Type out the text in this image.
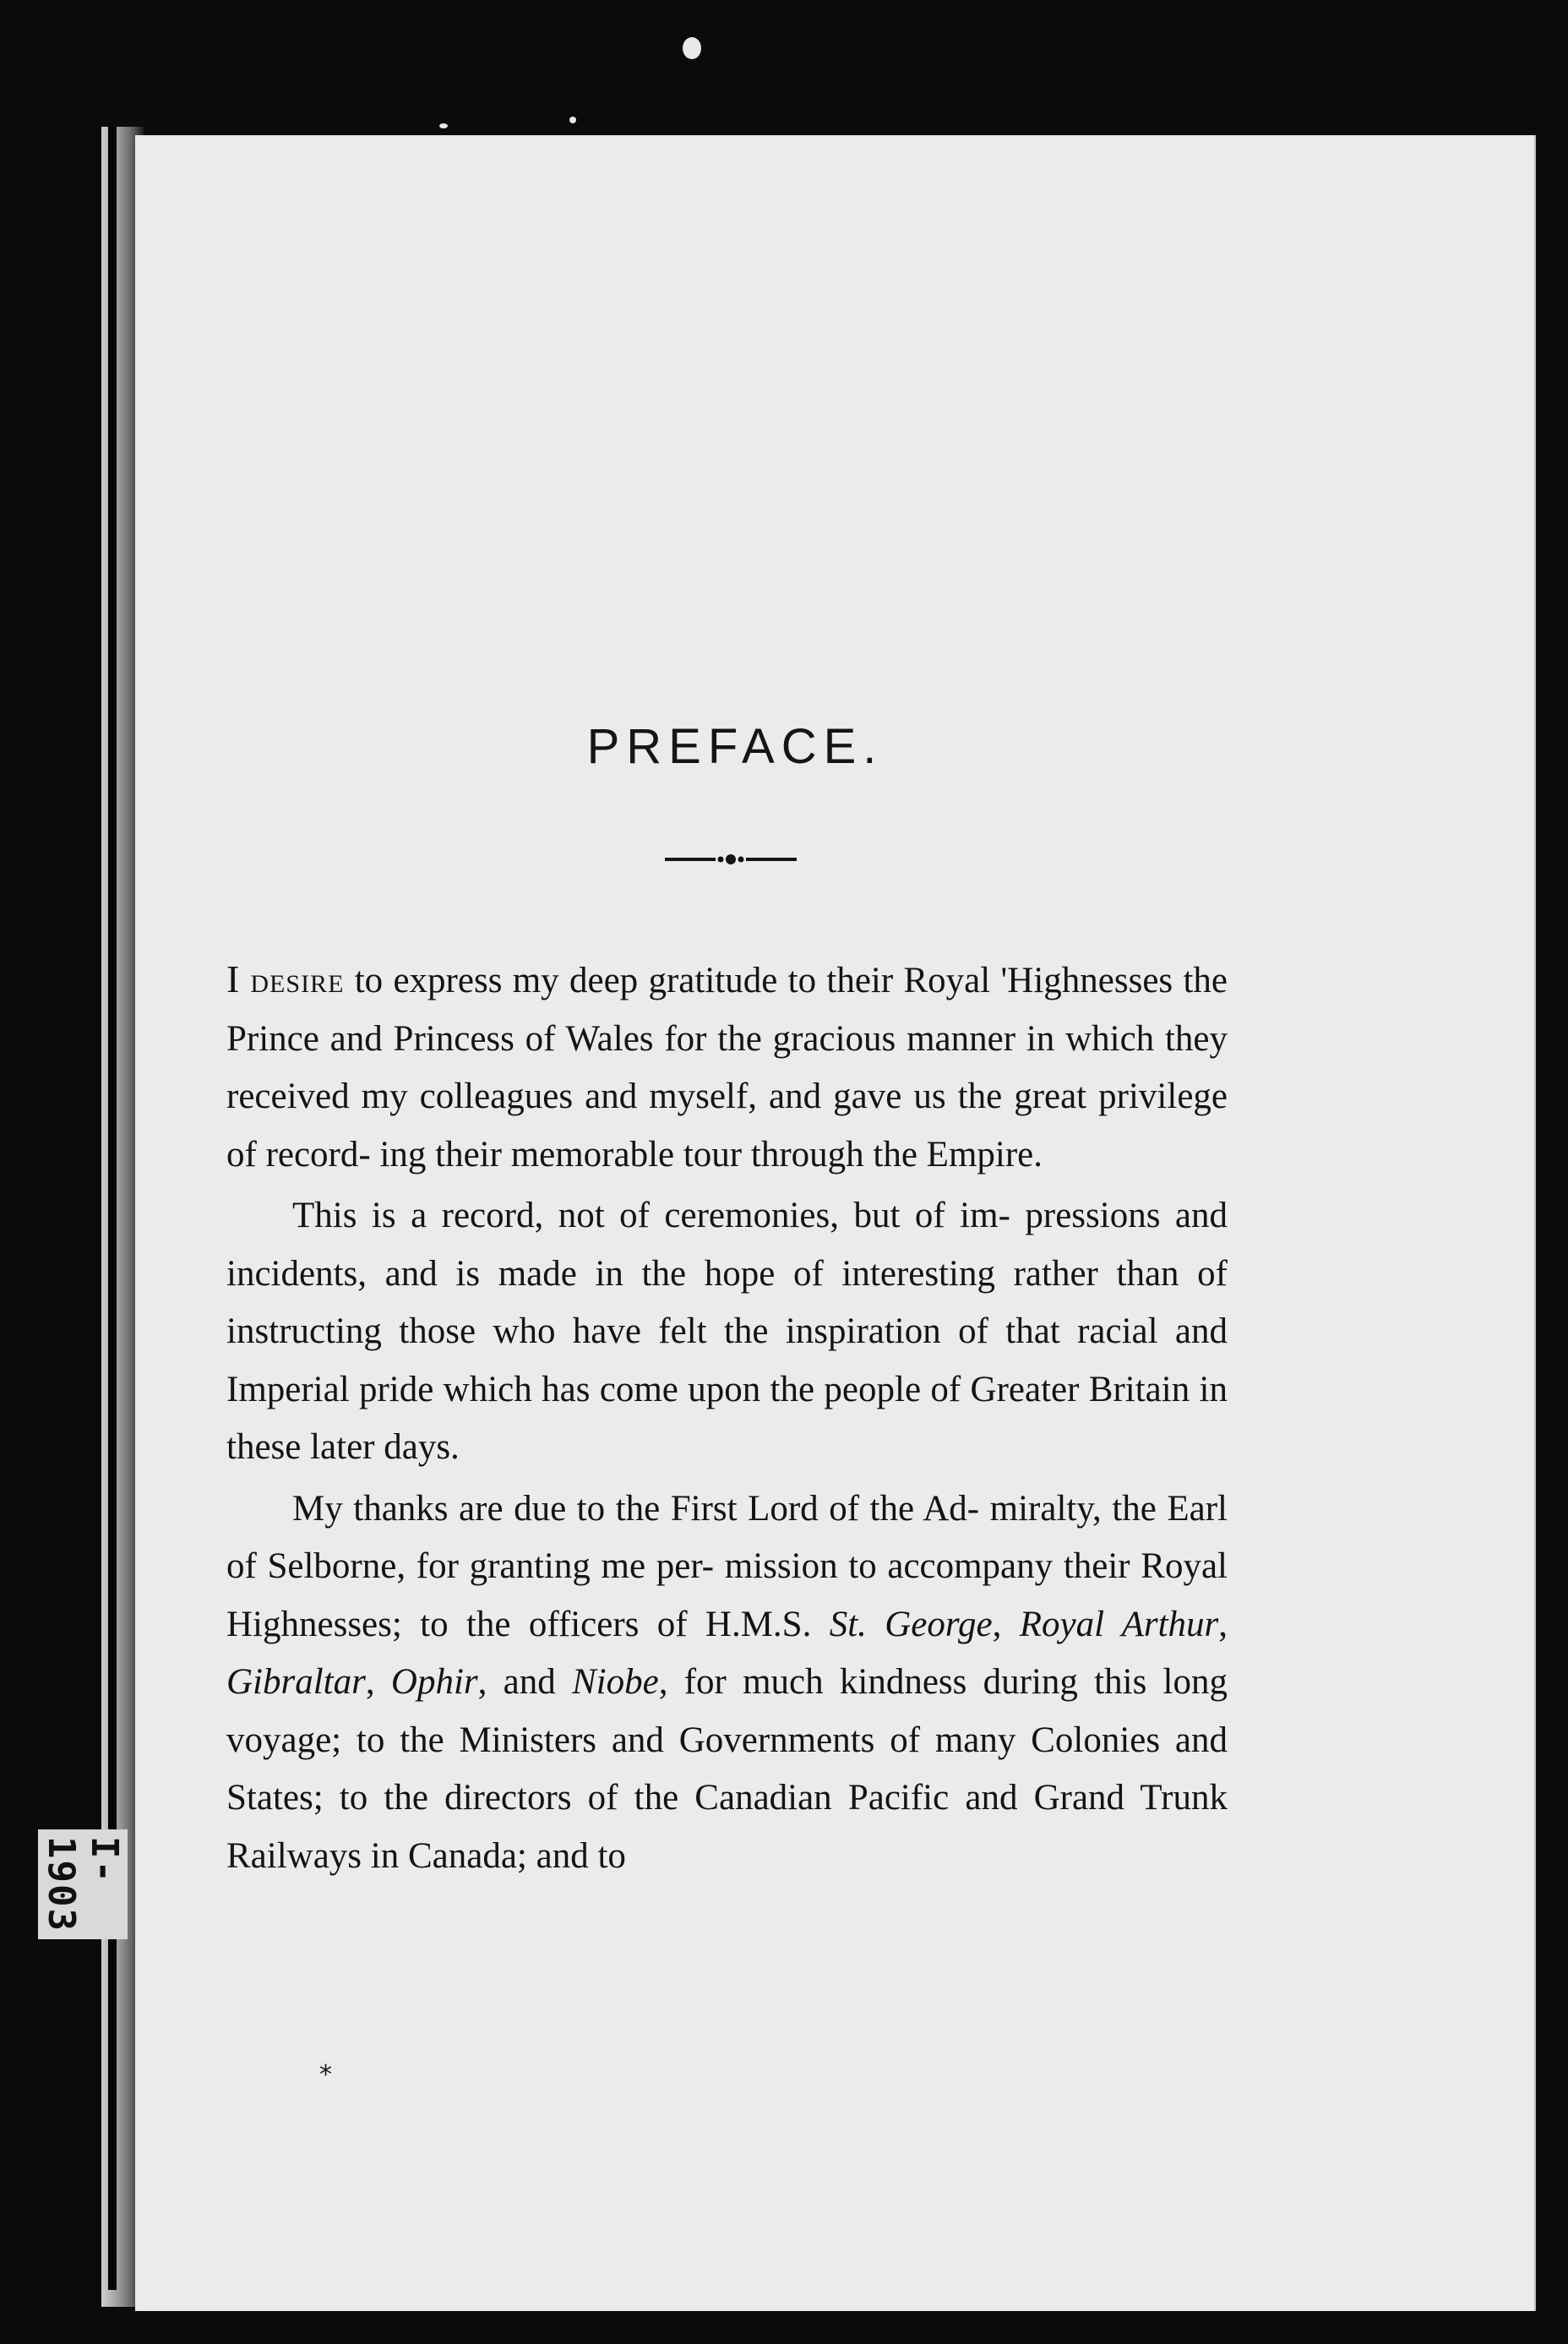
I-1903
PREFACE.

I desire to express my deep gratitude to their Royal 'Highnesses the Prince and Princess of Wales for the gracious manner in which they received my colleagues and myself, and gave us the great privilege of record- ing their memorable tour through the Empire.

This is a record, not of ceremonies, but of im- pressions and incidents, and is made in the hope of interesting rather than of instructing those who have felt the inspiration of that racial and Imperial pride which has come upon the people of Greater Britain in these later days.

My thanks are due to the First Lord of the Ad- miralty, the Earl of Selborne, for granting me per- mission to accompany their Royal Highnesses; to the officers of H.M.S. St. George, Royal Arthur, Gibraltar, Ophir, and Niobe, for much kindness during this long voyage; to the Ministers and Governments of many Colonies and States; to the directors of the Canadian Pacific and Grand Trunk Railways in Canada; and to

*
